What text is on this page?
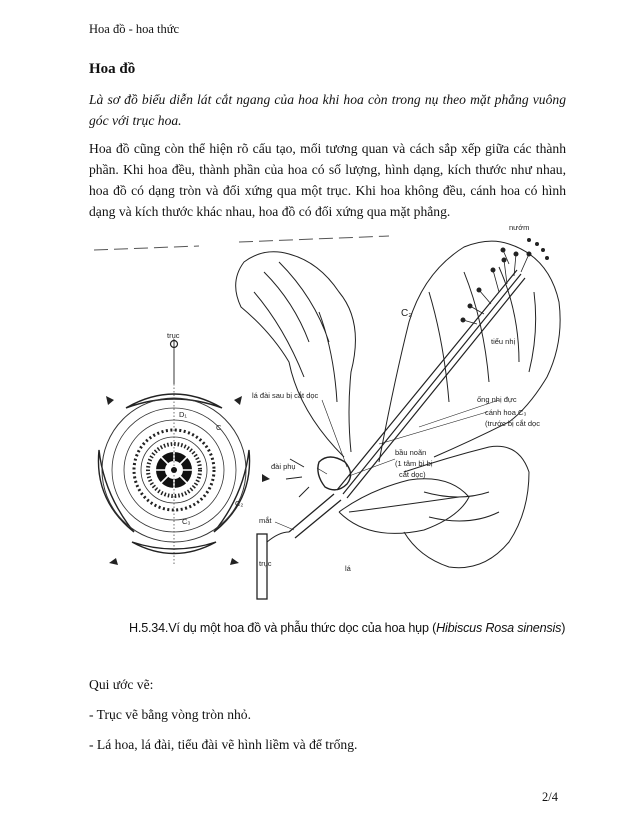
Hoa đồ - hoa thức
Hoa đồ
Là sơ đồ biểu diễn lát cắt ngang của hoa khi hoa còn trong nụ theo mặt phẳng vuông góc với trục hoa.
Hoa đồ cũng còn thể hiện rõ cấu tạo, mối tương quan và cách sắp xếp giữa các thành phần. Khi hoa đều, thành phần của hoa có số lượng, hình dạng, kích thước như nhau, hoa đồ có dạng tròn và đối xứng qua một trục. Khi hoa không đều, cánh hoa có hình dạng và kích thước khác nhau, hoa đồ có đối xứng qua mặt phẳng.
trục
D₁
C
C₂
C₃
lá đài sau bị cắt dọc
đài phụ
mắt
trục
lá
nướm
C₂
tiểu nhị
ống nhị đực
cánh hoa C₃
(trước bị cắt dọc
bầu noãn
(1 tâm bì bị
cắt dọc)
H.5.34.Ví dụ một hoa đồ và phẫu thức dọc của hoa hụp (Hibiscus Rosa sinensis)
Qui ước vẽ:
- Trục vẽ bằng vòng tròn nhỏ.
- Lá hoa, lá đài, tiểu đài vẽ hình liềm và để trống.
2/4
